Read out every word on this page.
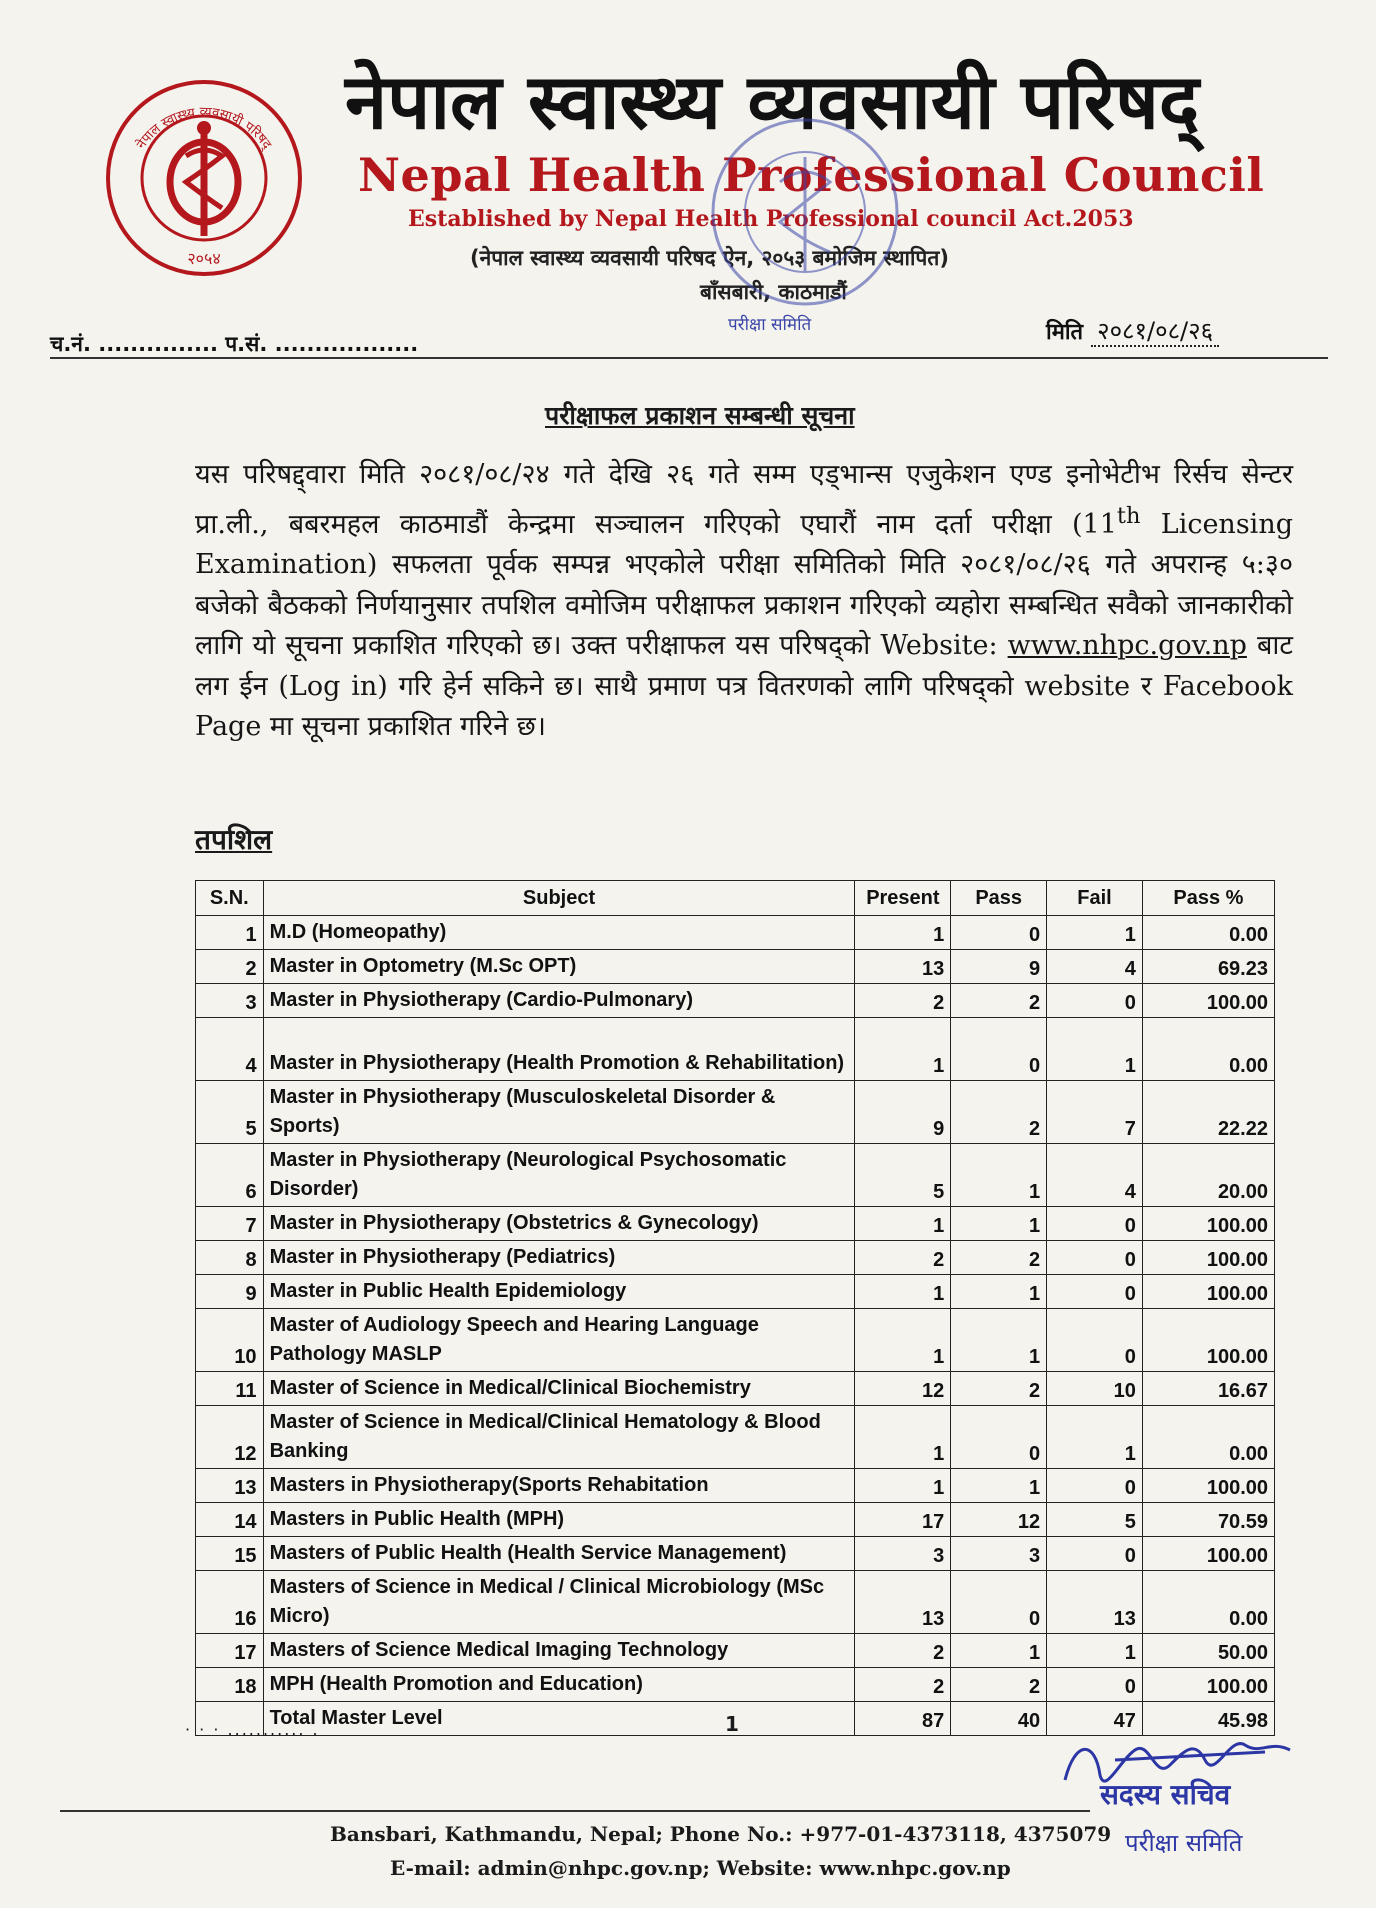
नेपाल स्वास्थ्य व्यवसायी परिषद्
२०५४
नेपाल स्वास्थ्य व्यवसायी परिषद्
Nepal Health Professional Council
Established by Nepal Health Professional council Act.2053
(नेपाल स्वास्थ्य व्यवसायी परिषद ऐन, २०५३ बमोजिम स्थापित)
बाँसबारी, काठमाडौं
परीक्षा समिति
च.नं. ............... प.सं. ..................	मिति २०८१/०८/२६
परीक्षाफल प्रकाशन सम्बन्धी सूचना
यस परिषद्द्वारा मिति २०८१/०८/२४ गते देखि २६ गते सम्म एड्भान्स एजुकेशन एण्ड इनोभेटीभ रिर्सच सेन्टर प्रा.ली., बबरमहल काठमाडौं केन्द्रमा सञ्चालन गरिएको एघारौं नाम दर्ता परीक्षा (11th Licensing Examination) सफलता पूर्वक सम्पन्न भएकोले परीक्षा समितिको मिति २०८१/०८/२६ गते अपरान्ह ५:३० बजेको बैठकको निर्णयानुसार तपशिल वमोजिम परीक्षाफल प्रकाशन गरिएको व्यहोरा सम्बन्धित सवैको जानकारीको लागि यो सूचना प्रकाशित गरिएको छ। उक्त परीक्षाफल यस परिषद्को Website: www.nhpc.gov.np बाट लग ईन (Log in) गरि हेर्न सकिने छ। साथै प्रमाण पत्र वितरणको लागि परिषद्को website र Facebook Page मा सूचना प्रकाशित गरिने छ।
तपशिल
S.N.	Subject	Present	Pass	Fail	Pass %
1	M.D (Homeopathy)	1	0	1	0.00
2	Master in Optometry (M.Sc OPT)	13	9	4	69.23
3	Master in Physiotherapy (Cardio-Pulmonary)	2	2	0	100.00
4	Master in Physiotherapy (Health Promotion & Rehabilitation)	1	0	1	0.00
5	Master in Physiotherapy (Musculoskeletal Disorder & Sports)	9	2	7	22.22
6	Master in Physiotherapy (Neurological Psychosomatic Disorder)	5	1	4	20.00
7	Master in Physiotherapy (Obstetrics & Gynecology)	1	1	0	100.00
8	Master in Physiotherapy (Pediatrics)	2	2	0	100.00
9	Master in Public Health Epidemiology	1	1	0	100.00
10	Master of Audiology Speech and Hearing Language Pathology MASLP	1	1	0	100.00
11	Master of Science in Medical/Clinical Biochemistry	12	2	10	16.67
12	Master of Science in Medical/Clinical Hematology & Blood Banking	1	0	1	0.00
13	Masters in Physiotherapy(Sports Rehabitation	1	1	0	100.00
14	Masters in Public Health (MPH)	17	12	5	70.59
15	Masters of Public Health (Health Service Management)	3	3	0	100.00
16	Masters of Science in Medical / Clinical Microbiology (MSc Micro)	13	0	13	0.00
17	Masters of Science Medical Imaging Technology	2	1	1	50.00
18	MPH (Health Promotion and Education)	2	2	0	100.00
	Total Master Level	87	40	47	45.98
· · · ........... .	1
सदस्य सचिव
परीक्षा समिति
Bansbari, Kathmandu, Nepal; Phone No.: +977-01-4373118, 4375079
E-mail: admin@nhpc.gov.np; Website: www.nhpc.gov.np
